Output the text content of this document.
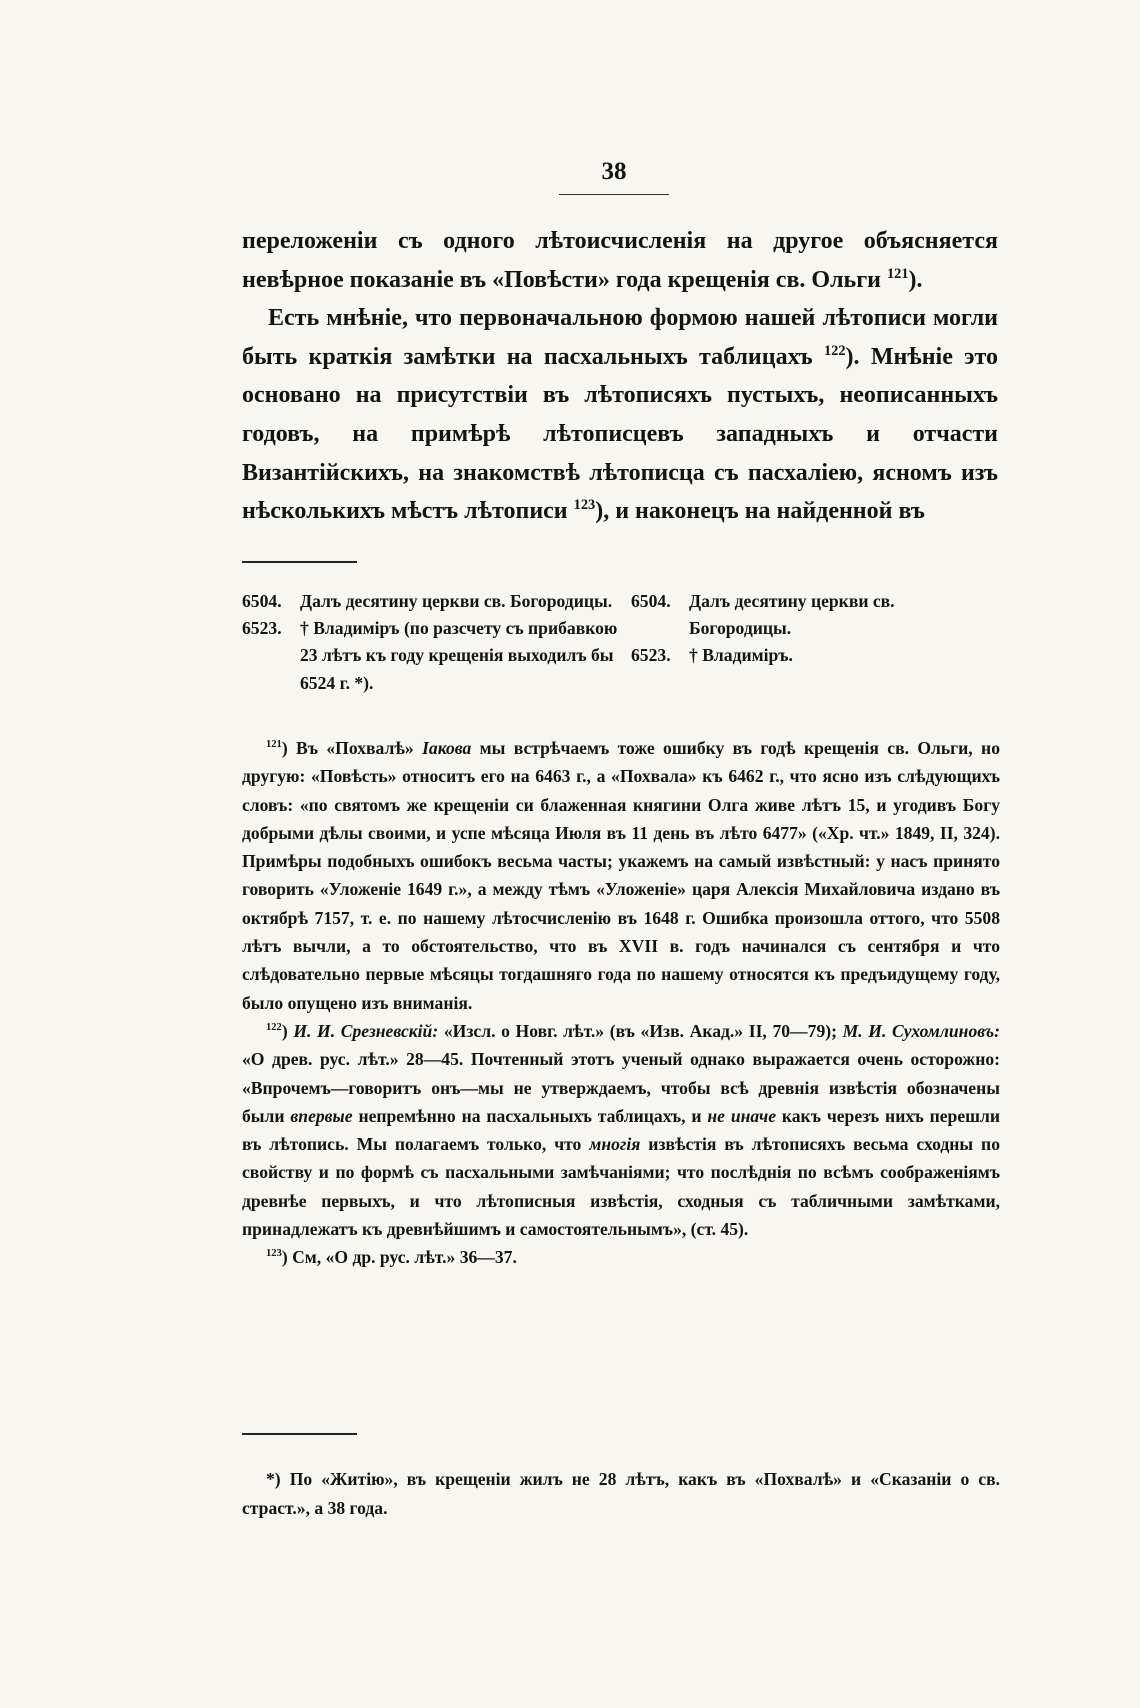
38

переложеніи съ одного лѣтоисчисленія на другое объясняется невѣрное показаніе въ «Повѣсти» года крещенія св. Ольги $^{121}$).

Есть мнѣніе, что первоначальною формою нашей лѣтописи могли быть краткія замѣтки на пасхальныхъ таблицахъ $^{122}$). Мнѣніе это основано на присутствіи въ лѣтописяхъ пустыхъ, неописанныхъ годовъ, на примѣрѣ лѣтописцевъ западныхъ и отчасти Византійскихъ, на знакомствѣ лѣтописца съ пасхаліею, ясномъ изъ нѣсколькихъ мѣстъ лѣтописи $^{123}$), и наконецъ на найденной въ

6504.	Далъ десятину церкви св. Богородицы.
6523.	† Владиміръ (по разсчету съ прибавкою 23 лѣтъ къ году крещенія выходилъ бы 6524 г. *).
6504.	Далъ десятину церкви св. Богородицы.
6523.	† Владиміръ.

$^{121}$) Въ «Похвалѣ» Іакова мы встрѣчаемъ тоже ошибку въ годѣ крещенія св. Ольги, но другую: «Повѣсть» относитъ его на 6463 г., а «Похвала» къ 6462 г., что ясно изъ слѣдующихъ словъ: «по святомъ же крещеніи си блаженная княгини Олга живе лѣтъ 15, и угодивъ Богу добрыми дѣлы своими, и успе мѣсяца Июля въ 11 день въ лѣто 6477» («Хр. чт.» 1849, II, 324). Примѣры подобныхъ ошибокъ весьма часты; укажемъ на самый извѣстный: у насъ принято говорить «Уложеніе 1649 г.», а между тѣмъ «Уложеніе» царя Алексія Михайловича издано въ октябрѣ 7157, т. е. по нашему лѣтосчисленію въ 1648 г. Ошибка произошла оттого, что 5508 лѣтъ вычли, а то обстоятельство, что въ XVII в. годъ начинался съ сентября и что слѣдовательно первые мѣсяцы тогдашняго года по нашему относятся къ предъидущему году, было опущено изъ вниманія.

$^{122}$) И. И. Срезневскій: «Изсл. о Новг. лѣт.» (въ «Изв. Акад.» II, 70—79); М. И. Сухомлиновъ: «О древ. рус. лѣт.» 28—45. Почтенный этотъ ученый однако выражается очень осторожно: «Впрочемъ—говоритъ онъ—мы не утверждаемъ, чтобы всѣ древнія извѣстія обозначены были впервые непремѣнно на пасхальныхъ таблицахъ, и не иначе какъ черезъ нихъ перешли въ лѣтопись. Мы полагаемъ только, что многія извѣстія въ лѣтописяхъ весьма сходны по свойству и по формѣ съ пасхальными замѣчаніями; что послѣднія по всѣмъ соображеніямъ древнѣе первыхъ, и что лѣтописныя извѣстія, сходныя съ табличными замѣтками, принадлежатъ къ древнѣйшимъ и самостоятельнымъ», (ст. 45).

$^{123}$) См, «О др. рус. лѣт.» 36—37.

*) По «Житію», въ крещеніи жилъ не 28 лѣтъ, какъ въ «Похвалѣ» и «Сказаніи о св. страст.», а 38 года.
